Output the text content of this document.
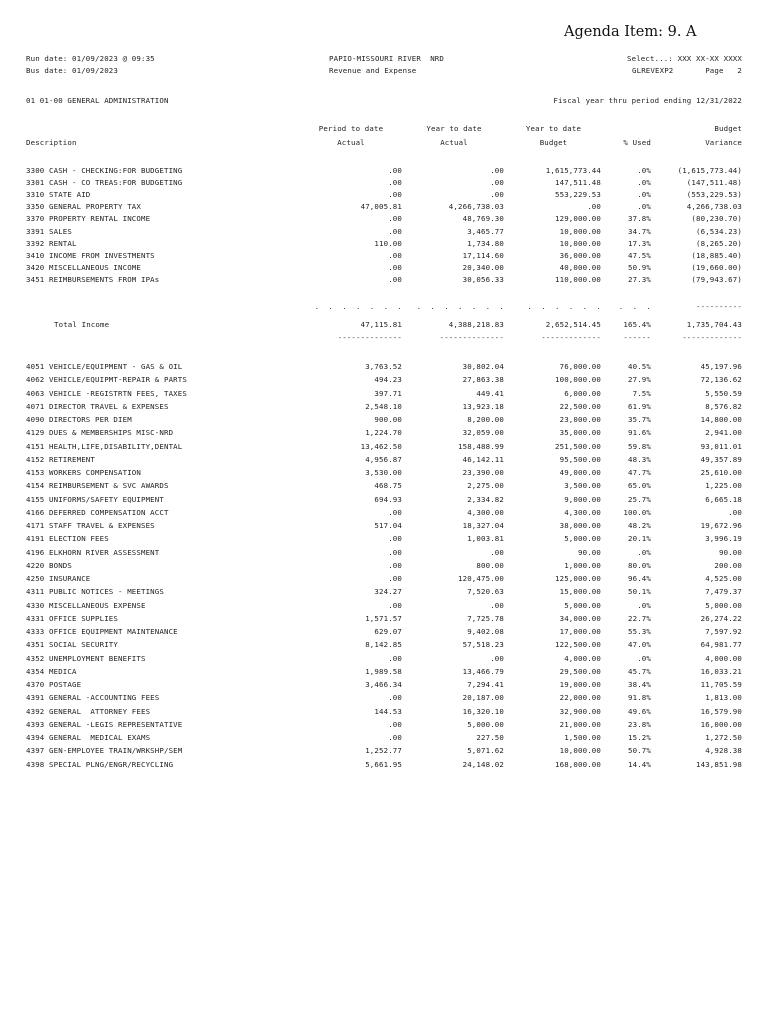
Agenda Item: 9. A
Run date: 01/09/2023 @ 09:35
Bus date: 01/09/2023
PAPIO-MISSOURI RIVER  NRD
Revenue and Expense
Select...: XXX XX-XX XXXX
GLREVEXP2	Page   2
01 01-00 GENERAL ADMINISTRATION	Fiscal year thru period ending 12/31/2022
Period to date	Year to date	Year to date	Budget
Description	Actual	Actual	Budget	% Used	Variance
3300 CASH - CHECKING:FOR BUDGETING	.00	.00	1,615,773.44	.0%	(1,615,773.44)
3301 CASH - CO TREAS:FOR BUDGETING	.00	.00	147,511.48	.0%	(147,511.48)
3310 STATE AID	.00	.00	553,229.53	.0%	(553,229.53)
3350 GENERAL PROPERTY TAX	47,005.81	4,266,738.03	.00	.0%	4,266,738.03
3370 PROPERTY RENTAL INCOME	.00	48,769.30	129,000.00	37.8%	(80,230.70)
3391 SALES	.00	3,465.77	10,000.00	34.7%	(6,534.23)
3392 RENTAL	110.00	1,734.80	10,000.00	17.3%	(8,265.20)
3410 INCOME FROM INVESTMENTS	.00	17,114.60	36,000.00	47.5%	(18,885.40)
3420 MISCELLANEOUS INCOME	.00	20,340.00	40,000.00	50.9%	(19,660.00)
3451 REIMBURSEMENTS FROM IPAs	.00	30,056.33	110,000.00	27.3%	(79,943.67)
.  .  .  .  .  .  .	.  .  .  .  .  .  .	.  .  .  .  .  .	.  .  .	----------
Total Income	47,115.81	4,388,218.83	2,652,514.45	165.4%	1,735,704.43
--------------	--------------	-------------	------	-------------
4051 VEHICLE/EQUIPMENT - GAS & OIL	3,763.52	30,802.04	76,000.00	40.5%	45,197.96
4062 VEHICLE/EQUIPMT-REPAIR & PARTS	494.23	27,863.38	100,000.00	27.9%	72,136.62
4063 VEHICLE -REGISTRTN FEES, TAXES	397.71	449.41	6,000.00	7.5%	5,550.59
4071 DIRECTOR TRAVEL & EXPENSES	2,548.10	13,923.18	22,500.00	61.9%	8,576.82
4090 DIRECTORS PER DIEM	900.00	8,200.00	23,000.00	35.7%	14,800.00
4129 DUES & MEMBERSHIPS MISC-NRD	1,224.70	32,059.00	35,000.00	91.6%	2,941.00
4151 HEALTH,LIFE,DISABILITY,DENTAL	13,462.50	158,488.99	251,500.00	59.8%	93,011.01
4152 RETIREMENT	4,956.87	46,142.11	95,500.00	48.3%	49,357.89
4153 WORKERS COMPENSATION	3,530.00	23,390.00	49,000.00	47.7%	25,610.00
4154 REIMBURSEMENT & SVC AWARDS	468.75	2,275.00	3,500.00	65.0%	1,225.00
4155 UNIFORMS/SAFETY EQUIPMENT	694.93	2,334.82	9,000.00	25.7%	6,665.18
4166 DEFERRED COMPENSATION ACCT	.00	4,300.00	4,300.00	100.0%	.00
4171 STAFF TRAVEL & EXPENSES	517.04	18,327.04	38,000.00	48.2%	19,672.96
4191 ELECTION FEES	.00	1,003.81	5,000.00	20.1%	3,996.19
4196 ELKHORN RIVER ASSESSMENT	.00	.00	90.00	.0%	90.00
4220 BONDS	.00	800.00	1,000.00	80.0%	200.00
4250 INSURANCE	.00	120,475.00	125,000.00	96.4%	4,525.00
4311 PUBLIC NOTICES - MEETINGS	324.27	7,520.63	15,000.00	50.1%	7,479.37
4330 MISCELLANEOUS EXPENSE	.00	.00	5,000.00	.0%	5,000.00
4331 OFFICE SUPPLIES	1,571.57	7,725.78	34,000.00	22.7%	26,274.22
4333 OFFICE EQUIPMENT MAINTENANCE	629.07	9,402.08	17,000.00	55.3%	7,597.92
4351 SOCIAL SECURITY	8,142.85	57,518.23	122,500.00	47.0%	64,981.77
4352 UNEMPLOYMENT BENEFITS	.00	.00	4,000.00	.0%	4,000.00
4354 MEDICA	1,989.58	13,466.79	29,500.00	45.7%	16,033.21
4370 POSTAGE	3,466.34	7,294.41	19,000.00	38.4%	11,705.59
4391 GENERAL -ACCOUNTING FEES	.00	20,187.00	22,000.00	91.8%	1,813.00
4392 GENERAL  ATTORNEY FEES	144.53	16,320.10	32,900.00	49.6%	16,579.90
4393 GENERAL -LEGIS REPRESENTATIVE	.00	5,000.00	21,000.00	23.8%	16,000.00
4394 GENERAL  MEDICAL EXAMS	.00	227.50	1,500.00	15.2%	1,272.50
4397 GEN-EMPLOYEE TRAIN/WRKSHP/SEM	1,252.77	5,071.62	10,000.00	50.7%	4,928.38
4398 SPECIAL PLNG/ENGR/RECYCLING	5,661.95	24,148.02	168,000.00	14.4%	143,851.98
